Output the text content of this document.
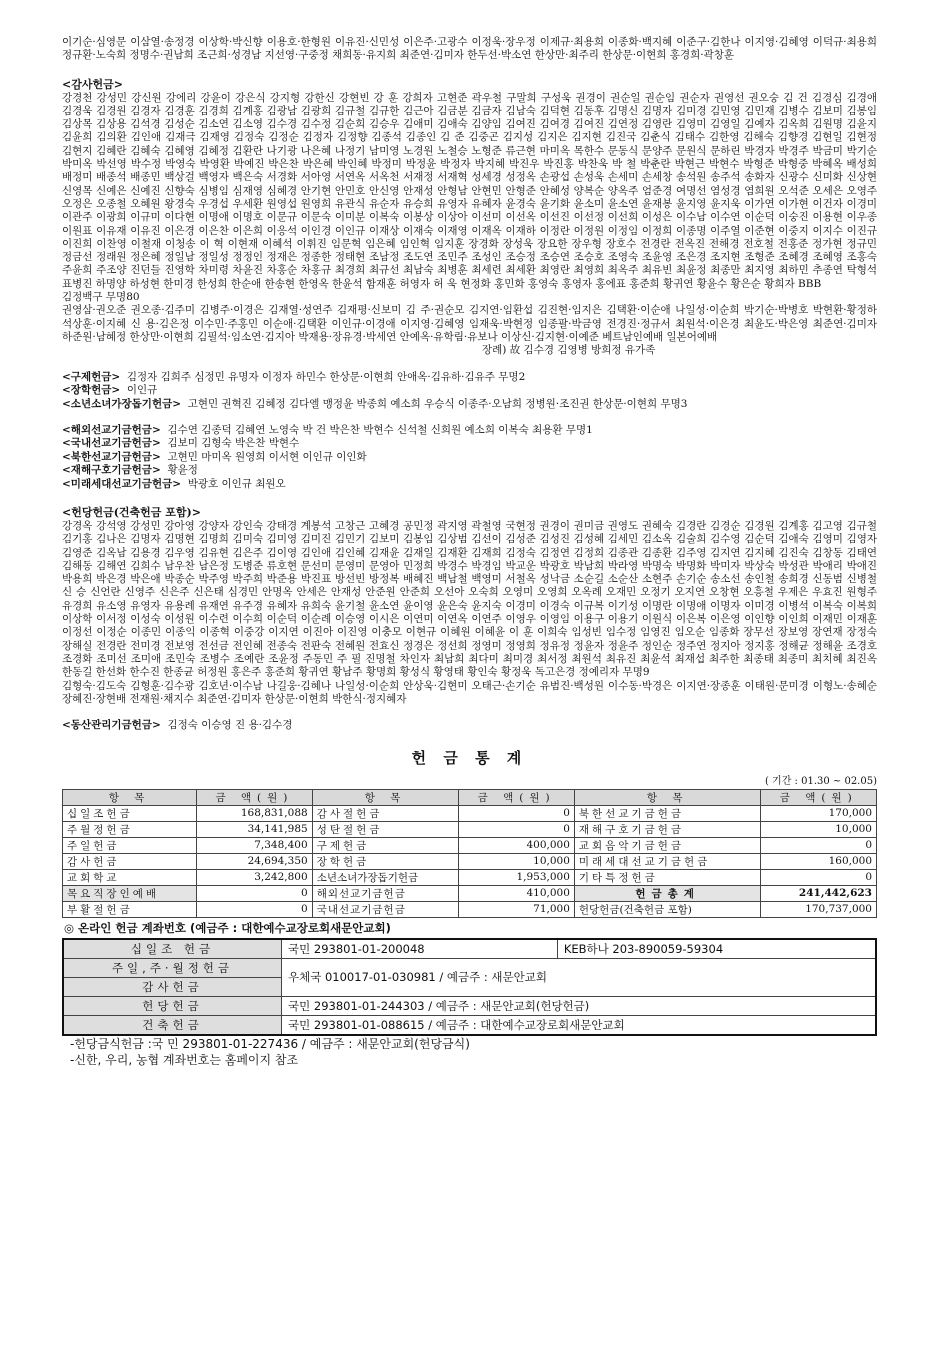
이기순·심영문 이삼열·송정경 이상학·박신향 이용호·한형원 이유진·신민성 이은주·고광수 이정욱·장우정 이제규·최용희 이종화·백지혜 이준구·김한나 이지영·김혜영 이덕규·최용희 정규환·노숙희 정명수·권남희 조근희·성경남 지선영·구중정 채희동·유지희 최준연·김미자 한두선·박소연 한상만·최주리 한상문·이현희 홍경희·곽창훈

<감사헌금>

강경천 강성민 강신원 강에리 강윤이 강은식 강지형 강한신 강현빈 강 훈 강희자 고현준 곽우철 구말희 구성욱 권경이 권순일 권순임 권순자 권영선 권오숭 김 건 김경심 김경애 김경욱 김경원 김경자 김경훈 김경희 김계홍 김광남 김광희 김규철 김규한 김근아 김금분 김금자 김남숙 김덕현 김동후 김명신 김명자 김미경 김민영 김민재 김병수 김보미 김봉임 김상목 김상용 김석경 김성순 김소연 김소영 김수경 김수정 김순희 김승우 김애미 김애숙 김양임 김여진 김여경 김여진 김연정 김영란 김영미 김영일 김예자 김옥희 김원명 김윤지 김윤희 김의환 김인애 김재극 김재영 김정숙 김정순 김정자 김정향 김종석 김종인 김 준 김중곤 김지성 김지은 김지현 김진국 김춘식 김태수 김한영 김해숙 김향경 김현일 김현정 김현지 김혜란 김혜숙 김혜영 김혜정 김환란 나기광 나은혜 나정기 남미영 노경원 노철승 노형준 류근현 마미옥 목한수 문동식 문양주 문원식 문하린 박경자 박경주 박금미 박기순 박미옥 박선영 박수정 박영숙 박영환 박예진 박은찬 박은혜 박인혜 박정미 박정윤 박정자 박지혜 박진우 박진홍 박찬욱 박 철 박춘란 박현근 박현수 박형준 박형중 박혜옥 배성희 배정미 배종석 배종민 백상걸 백영자 백은숙 서경화 서아영 서연옥 서옥천 서재정 서재혁 성세경 성정옥 손광섭 손성욱 손세미 손세창 송석원 송주석 송화자 신광수 신미화 신상현 신영목 신예은 신예진 신향숙 심병임 심재영 심혜경 안기현 안민호 안신영 안재성 안형남 안현민 안형준 안혜성 양복순 양옥주 엄준경 여명선 염성경 염희원 오석준 오세은 오영주 오정은 오종철 오혜원 왕경숙 우경섭 우세환 원영섭 원영희 유관식 유순자 유승희 유영자 유혜자 윤경숙 윤기화 윤소미 윤소연 윤재봉 윤지영 윤지욱 이가연 이가현 이건자 이경미 이관주 이광희 이규미 이다현 이명애 이명호 이문규 이문숙 이미분 이복숙 이봉상 이상아 이선미 이선옥 이선진 이선정 이선희 이성은 이수남 이수연 이순덕 이숭진 이용현 이우종 이원표 이유재 이유진 이은경 이은찬 이은희 이응석 이인경 이인규 이재상 이재숙 이재영 이재옥 이재하 이정란 이정원 이정임 이정희 이종명 이주열 이준현 이중지 이지수 이진규 이진희 이찬영 이철재 이청송 이 혁 이현재 이혜석 이휘진 임문혁 임은혜 임인혁 임지훈 장경화 장성욱 장요한 장우형 장호수 전경란 전옥진 전해경 전호철 전홍준 정가현 정규민 정금선 정래원 정은혜 정일남 정일성 정정인 정재은 정종한 정태현 조남정 조도연 조민주 조성인 조승정 조승연 조승호 조영숙 조윤영 조은경 조지현 조형준 조혜경 조혜영 조홍숙 주윤희 주조양 진던들 진영학 차미령 차윤진 차홍순 차홍규 최경희 최규선 최남숙 최병훈 최세련 최세환 최영란 최영희 최옥주 최유빈 최윤정 최종만 최지영 최하민 추종연 탁형석 표병진 하명양 하성현 한미경 한성희 한순애 한송현 한영옥 한윤석 함재훈 허영자 허 욱 현정화 홍민화 홍영숙 홍영자 홍에표 홍준희 황귀연 황윤수 황은순 황희자 BBB

김정백구 무명80

권영삼·권오준 권오종·김주미 김병주·이경은 김재열·성연주 김재평·신보미 김 주·권순모 김지연·임환섭 김진현·임지은 김택환·이순애 나일성·이순희 박기순·박병호 박현환·황정하 석상훈·이지혜 신 용·김은정 이수민·주홍민 이순애·김택환 이인규·이경애 이지영·김혜영 임재욱·박현정 임종팔·박금영 전경진·정규서 최원석·이은경 최윤도·박은영 최준연·김미자 하준원·남혜정 한상만·이현희 김필석·임소연·김지아 박재용·장유경·박세연 안예옥·유학림·유보나 이상신·김지현·이예준 베트남인예배 일본어예배

장례) 故 김수경 김영병 방희정 유가족
<구제헌금> 김정자 김희주 심정민 유명자 이정자 하민수 한상문·이현희 안애옥·김유하·김유주 무명2
<장학헌금> 이인규
<소년소녀가장돕기헌금> 고현민 권혁진 김혜정 김다엘 맹정윤 박종희 예소희 우승식 이종주·오남희 정병원·조진권 한상문·이현희 무명3
<해외선교기금헌금> 김수연 김종덕 김혜연 노영숙 박 건 박은찬 박현수 신석철 신희원 예소희 이복숙 최용환 무명1
<국내선교기금헌금> 김보미 김형숙 박은찬 박현수
<북한선교기금헌금> 고현민 마미옥 원영희 이서현 이인규 이인화
<재해구호기금헌금> 황윤정
<미래세대선교기금헌금> 박광호 이인규 최원오
<헌당헌금(건축헌금 포함)>

강경옥 강석영 강성민 강아영 강양자 강인숙 강태경 계봉석 고창근 고혜경 공민정 곽지영 곽철영 국현정 권경이 권미금 권영도 권혜숙 김경란 김경순 김경원 김계홍 김고영 김규철 김기홍 김나은 김명자 김명현 김명희 김미숙 김미영 김미진 김민기 김보미 김봉임 김상범 김선이 김성준 김성진 김성혜 김세민 김소옥 김술희 김수영 김순덕 김애숙 김영미 김영자 김영준 김옥남 김용경 김우영 김유현 김은주 김이영 김인애 김인혜 김재윤 김재일 김재환 김재희 김정숙 김정연 김정희 김종관 김종환 김주영 김지연 김지혜 김진숙 김창동 김태연 김해동 김해연 김희수 남우찬 남은정 도병준 류호현 문선미 문영미 문영아 민정희 박경수 박경임 박교운 박광호 박남희 박라영 박명숙 박명화 박미자 박상숙 박성관 박애리 박애진 박용희 박은경 박은애 박종순 박주영 박주희 박준용 박진표 방선빈 방정복 배혜진 백남철 백영미 서철옥 성낙금 소순길 소순산 소현주 손기순 송소선 송인철 송희경 신동범 신병철 신 승 신언란 신영주 신은주 신은태 심경민 안명옥 안세은 안재성 안준원 안준희 오선아 오숙희 오영미 오영희 오옥례 오재민 오정기 오지연 오창현 오흥철 우제은 우효진 원형주 유경희 유소영 유영자 유용례 유재연 유주경 유혜자 유희숙 윤기철 윤소연 윤이영 윤은숙 윤지숙 이경미 이경숙 이규복 이기성 이명란 이명애 이명자 이미경 이병석 이복숙 이복희 이상학 이서정 이성숙 이성원 이수련 이수희 이순덕 이순례 이승영 이시은 이연미 이연옥 이연주 이영우 이영임 이용구 이용기 이원식 이은복 이은영 이인향 이인희 이재민 이재훈 이정선 이정순 이종민 이종익 이종혁 이중강 이지연 이진아 이진영 이충모 이현규 이혜원 이혜윤 이 훈 이희숙 임성빈 임수정 임영진 임오순 임종화 장무선 장보영 장연재 장정숙 장해실 전경란 전미경 전보영 전선금 전인혜 전종숙 전판숙 전혜원 전효신 정경은 정선희 정영미 정영희 정유정 정윤자 정윤주 정인순 정주연 정지아 정지홍 정해균 정해윤 조경호 조경화 조미선 조미애 조민숙 조병수 조예란 조윤정 주동민 주 필 진명철 차인자 최남희 최다미 최미경 최서정 최원석 최유진 최윤석 최재섭 최주한 최종태 최종미 최치혜 최진옥 한동길 한선화 한수진 한종균 허정원 홍은주 홍준희 황귀연 황남주 황명희 황성식 황영태 황인숙 황정욱 독고은경 정예리자 무명9

김형숙·김도숙 김형훈·김수광 김호년·이수남 나길웅·김혜나 나일성·이순희 안상욱·김현미 오태근·손기순 유범진·백성원 이수동·박경은 이지연·장종훈 이태원·문미경 이형노·송혜순 장혜진·장현배 전재원·채지수 최준연·김미자 한상문·이현희 박한식·정지혜자

<동산관리기금헌금> 김정숙 이승영 진 용·김수경
헌 금 통 계
( 기간 : 01.30 ~ 02.05)
항 목	금 액(원)	항 목	금 액(원)	항 목	금 액(원)
십일조헌금	168,831,088	감사절헌금	0	북한선교기금헌금	170,000
주월정헌금	34,141,985	성탄절헌금	0	재해구호기금헌금	10,000
주일헌금	7,348,400	구제헌금	400,000	교회음악기금헌금	0
감사헌금	24,694,350	장학헌금	10,000	미래세대선교기금헌금	160,000
교회학교	3,242,800	소년소녀가장돕기헌금	1,953,000	기타특정헌금	0
목요직장인예배	0	해외선교기금헌금	410,000	헌금총계	241,442,623
부활절헌금	0	국내선교기금헌금	71,000	헌당헌금(건축헌금 포함)	170,737,000
◎ 온라인 헌금 계좌번호 (예금주 : 대한예수교장로회새문안교회)
십일조 헌금	국민 293801-01-200048	KEB하나 203-890059-59304
주일,주·월정헌금	우체국 010017-01-030981 / 예금주 : 새문안교회	
감사헌금		
헌당헌금	국민 293801-01-244303 / 예금주 : 새문안교회(헌당헌금)	
건축헌금	국민 293801-01-088615 / 예금주 : 대한예수교장로회새문안교회	
-헌당금식헌금 :국 민 293801-01-227436 / 예금주 : 새문안교회(헌당금식)
-신한, 우리, 농협 계좌번호는 홈페이지 참조
